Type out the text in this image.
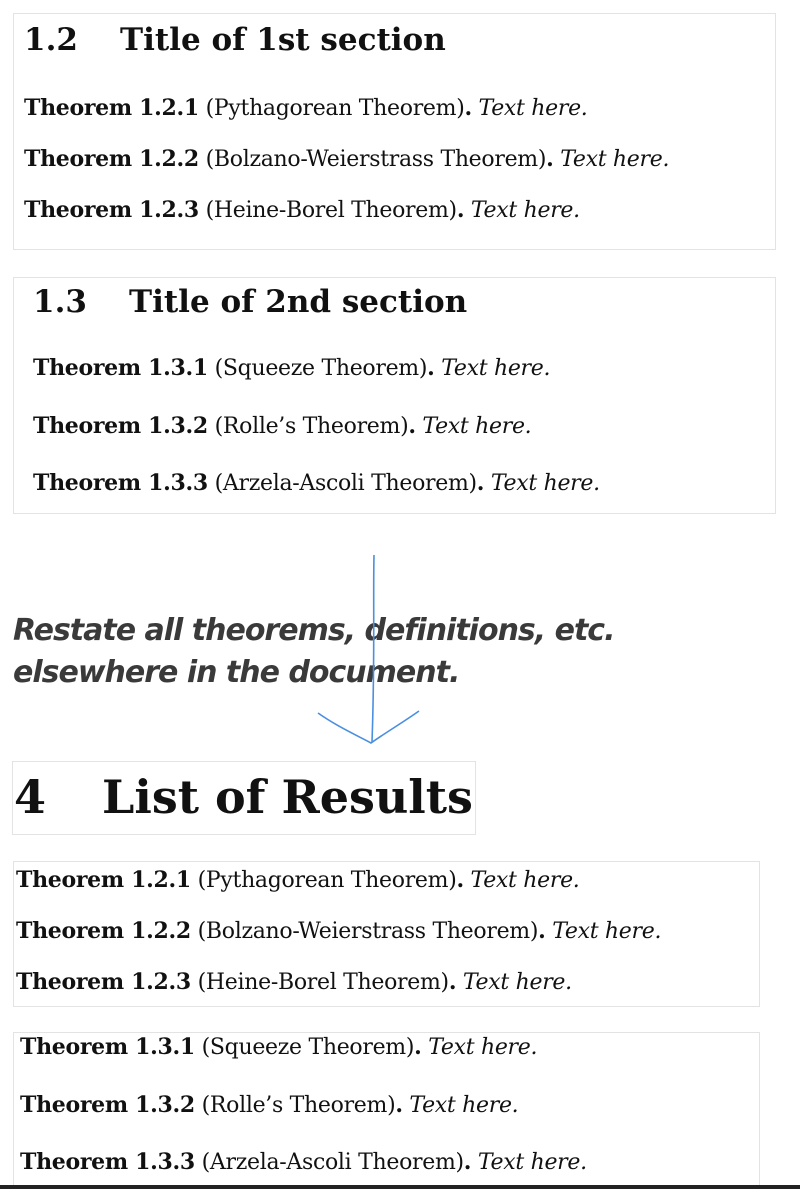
1.2 Title of 1st section
Theorem 1.2.1 (Pythagorean Theorem). Text here.
Theorem 1.2.2 (Bolzano-Weierstrass Theorem). Text here.
Theorem 1.2.3 (Heine-Borel Theorem). Text here.
1.3 Title of 2nd section
Theorem 1.3.1 (Squeeze Theorem). Text here.
Theorem 1.3.2 (Rolle’s Theorem). Text here.
Theorem 1.3.3 (Arzela-Ascoli Theorem). Text here.
Restate all theorems, definitions, etc.
elsewhere in the document.
4 List of Results
Theorem 1.2.1 (Pythagorean Theorem). Text here.
Theorem 1.2.2 (Bolzano-Weierstrass Theorem). Text here.
Theorem 1.2.3 (Heine-Borel Theorem). Text here.
Theorem 1.3.1 (Squeeze Theorem). Text here.
Theorem 1.3.2 (Rolle’s Theorem). Text here.
Theorem 1.3.3 (Arzela-Ascoli Theorem). Text here.
